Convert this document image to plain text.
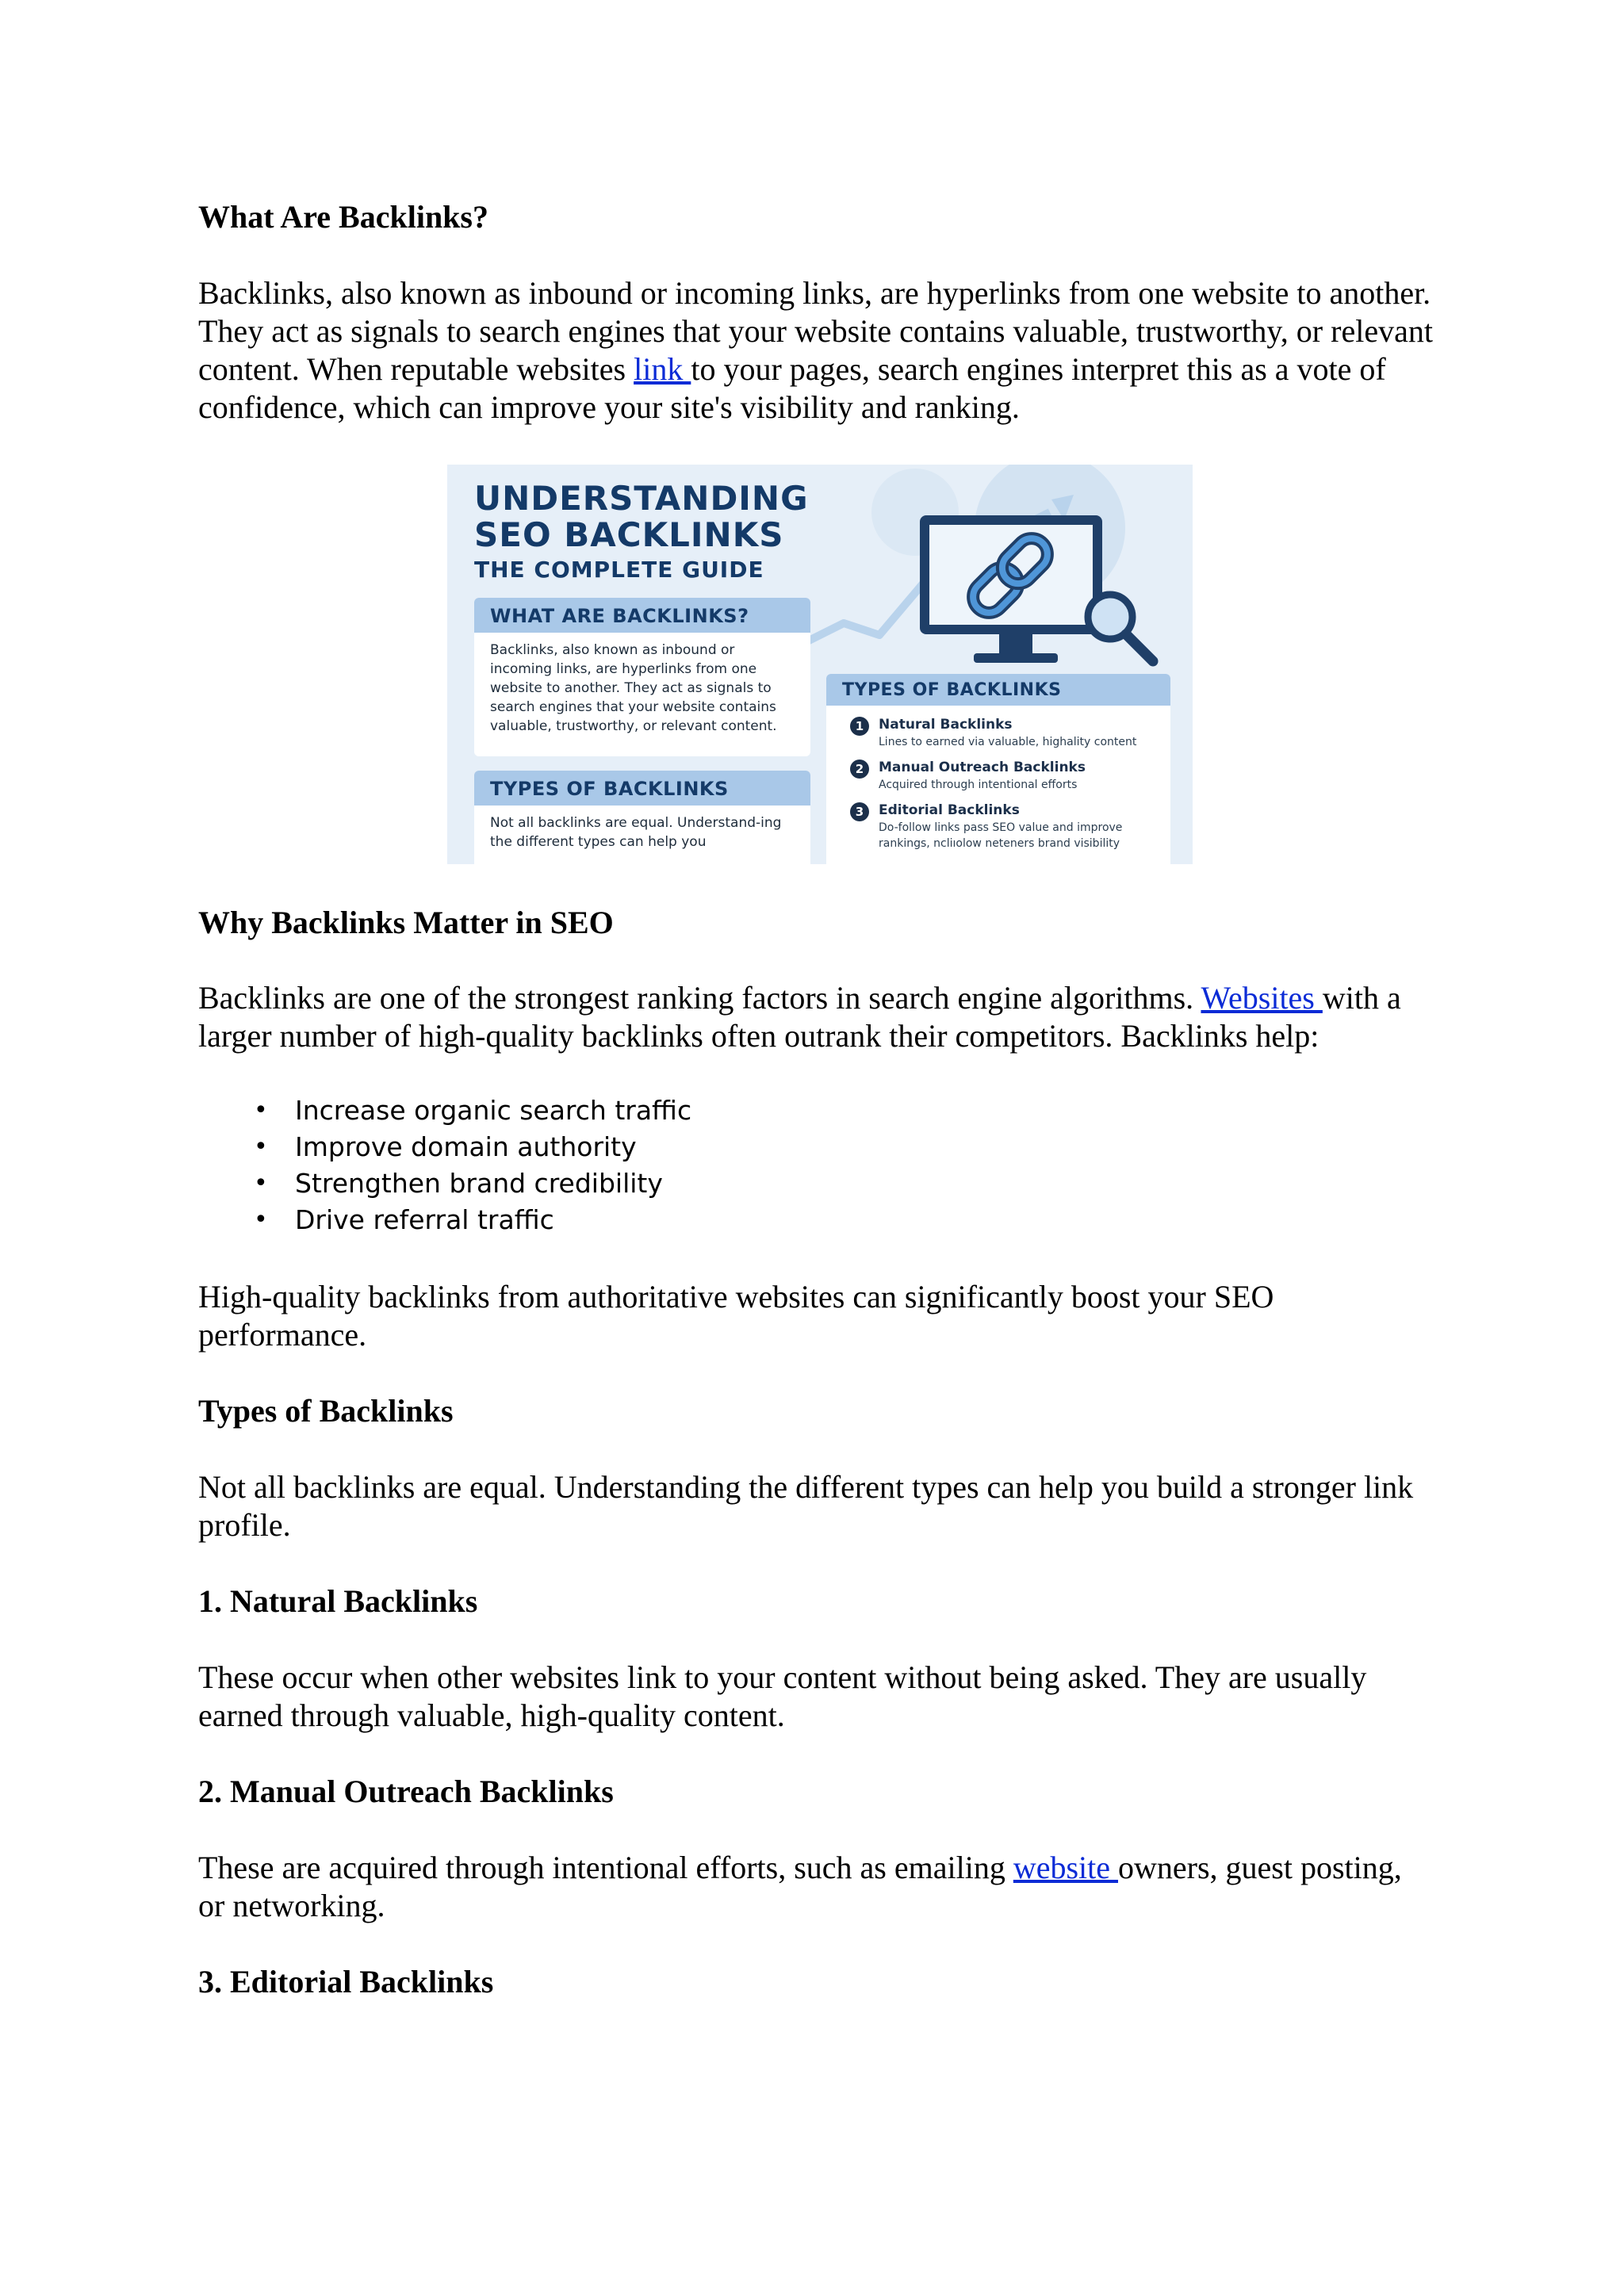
What Are Backlinks?

Backlinks, also known as inbound or incoming links, are hyperlinks from one website to another. They act as signals to search engines that your website contains valuable, trustworthy, or relevant content. When reputable websites link to your pages, search engines interpret this as a vote of confidence, which can improve your site's visibility and ranking.

UNDERSTANDING
SEO BACKLINKS
THE COMPLETE GUIDE
WHAT ARE BACKLINKS?
Backlinks, also known as inbound or incoming links, are hyperlinks from one website to another. They act as signals to search engines that your website contains valuable, trustworthy, or relevant content.
TYPES OF BACKLINKS
Not all backlinks are equal. Understand-ing the different types can help you
TYPES OF BACKLINKS
1	Natural Backlinks
Lines to earned via valuable, highality content
2	Manual Outreach Backlinks
Acquired through intentional efforts
3	Editorial Backlinks
Do-follow links pass SEO value and improve rankings, ncliıolow neteners brand visibility
Why Backlinks Matter in SEO

Backlinks are one of the strongest ranking factors in search engine algorithms. Websites with a larger number of high-quality backlinks often outrank their competitors. Backlinks help:

• Increase organic search traffic
• Improve domain authority
• Strengthen brand credibility
• Drive referral traffic

High-quality backlinks from authoritative websites can significantly boost your SEO performance.

Types of Backlinks

Not all backlinks are equal. Understanding the different types can help you build a stronger link profile.

1. Natural Backlinks

These occur when other websites link to your content without being asked. They are usually earned through valuable, high-quality content.

2. Manual Outreach Backlinks

These are acquired through intentional efforts, such as emailing website owners, guest posting, or networking.

3. Editorial Backlinks
